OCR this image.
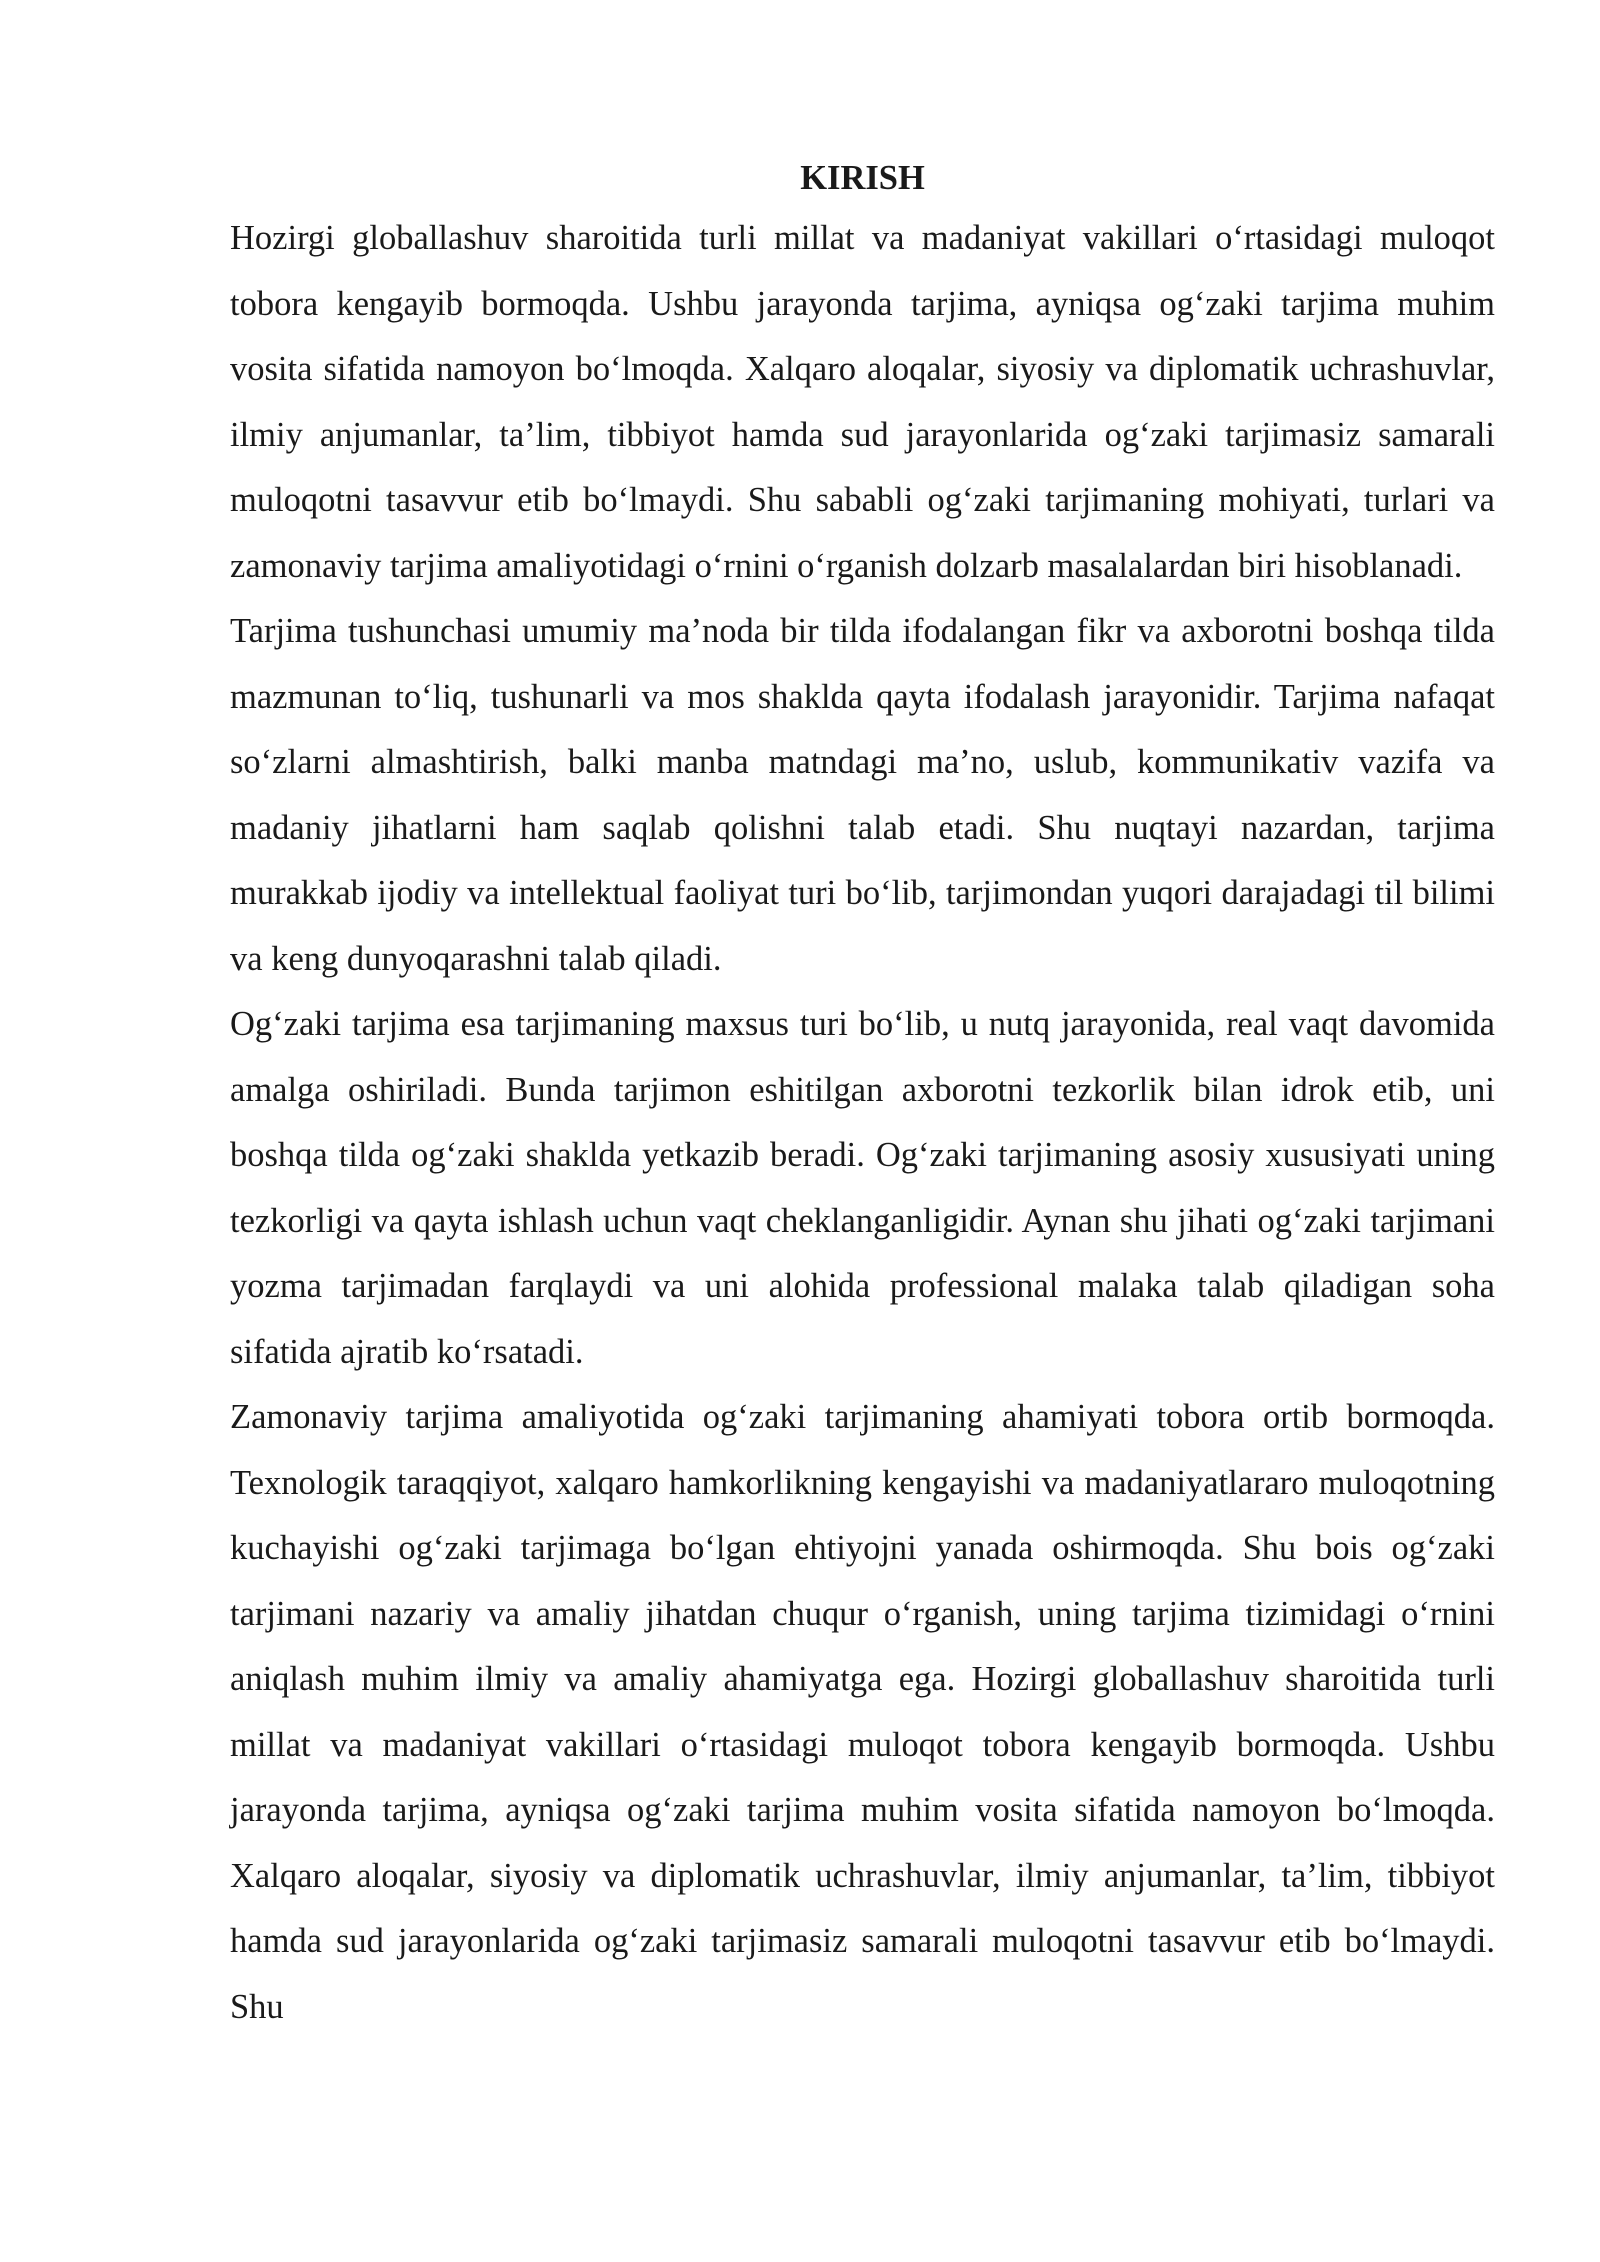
KIRISH

Hozirgi globallashuv sharoitida turli millat va madaniyat vakillari o‘rtasidagi muloqot tobora kengayib bormoqda. Ushbu jarayonda tarjima, ayniqsa og‘zaki tarjima muhim vosita sifatida namoyon bo‘lmoqda. Xalqaro aloqalar, siyosiy va diplomatik uchrashuvlar, ilmiy anjumanlar, ta’lim, tibbiyot hamda sud jarayonlarida og‘zaki tarjimasiz samarali muloqotni tasavvur etib bo‘lmaydi. Shu sababli og‘zaki tarjimaning mohiyati, turlari va zamonaviy tarjima amaliyotidagi o‘rnini o‘rganish dolzarb masalalardan biri hisoblanadi.

Tarjima tushunchasi umumiy ma’noda bir tilda ifodalangan fikr va axborotni boshqa tilda mazmunan to‘liq, tushunarli va mos shaklda qayta ifodalash jarayonidir. Tarjima nafaqat so‘zlarni almashtirish, balki manba matndagi ma’no, uslub, kommunikativ vazifa va madaniy jihatlarni ham saqlab qolishni talab etadi. Shu nuqtayi nazardan, tarjima murakkab ijodiy va intellektual faoliyat turi bo‘lib, tarjimondan yuqori darajadagi til bilimi va keng dunyoqarashni talab qiladi.

Og‘zaki tarjima esa tarjimaning maxsus turi bo‘lib, u nutq jarayonida, real vaqt davomida amalga oshiriladi. Bunda tarjimon eshitilgan axborotni tezkorlik bilan idrok etib, uni boshqa tilda og‘zaki shaklda yetkazib beradi. Og‘zaki tarjimaning asosiy xususiyati uning tezkorligi va qayta ishlash uchun vaqt cheklanganligidir. Aynan shu jihati og‘zaki tarjimani yozma tarjimadan farqlaydi va uni alohida professional malaka talab qiladigan soha sifatida ajratib ko‘rsatadi.

Zamonaviy tarjima amaliyotida og‘zaki tarjimaning ahamiyati tobora ortib bormoqda. Texnologik taraqqiyot, xalqaro hamkorlikning kengayishi va madaniyatlararo muloqotning kuchayishi og‘zaki tarjimaga bo‘lgan ehtiyojni yanada oshirmoqda. Shu bois og‘zaki tarjimani nazariy va amaliy jihatdan chuqur o‘rganish, uning tarjima tizimidagi o‘rnini aniqlash muhim ilmiy va amaliy ahamiyatga ega. Hozirgi globallashuv sharoitida turli millat va madaniyat vakillari o‘rtasidagi muloqot tobora kengayib bormoqda. Ushbu jarayonda tarjima, ayniqsa og‘zaki tarjima muhim vosita sifatida namoyon bo‘lmoqda. Xalqaro aloqalar, siyosiy va diplomatik uchrashuvlar, ilmiy anjumanlar, ta’lim, tibbiyot hamda sud jarayonlarida og‘zaki tarjimasiz samarali muloqotni tasavvur etib bo‘lmaydi. Shu
